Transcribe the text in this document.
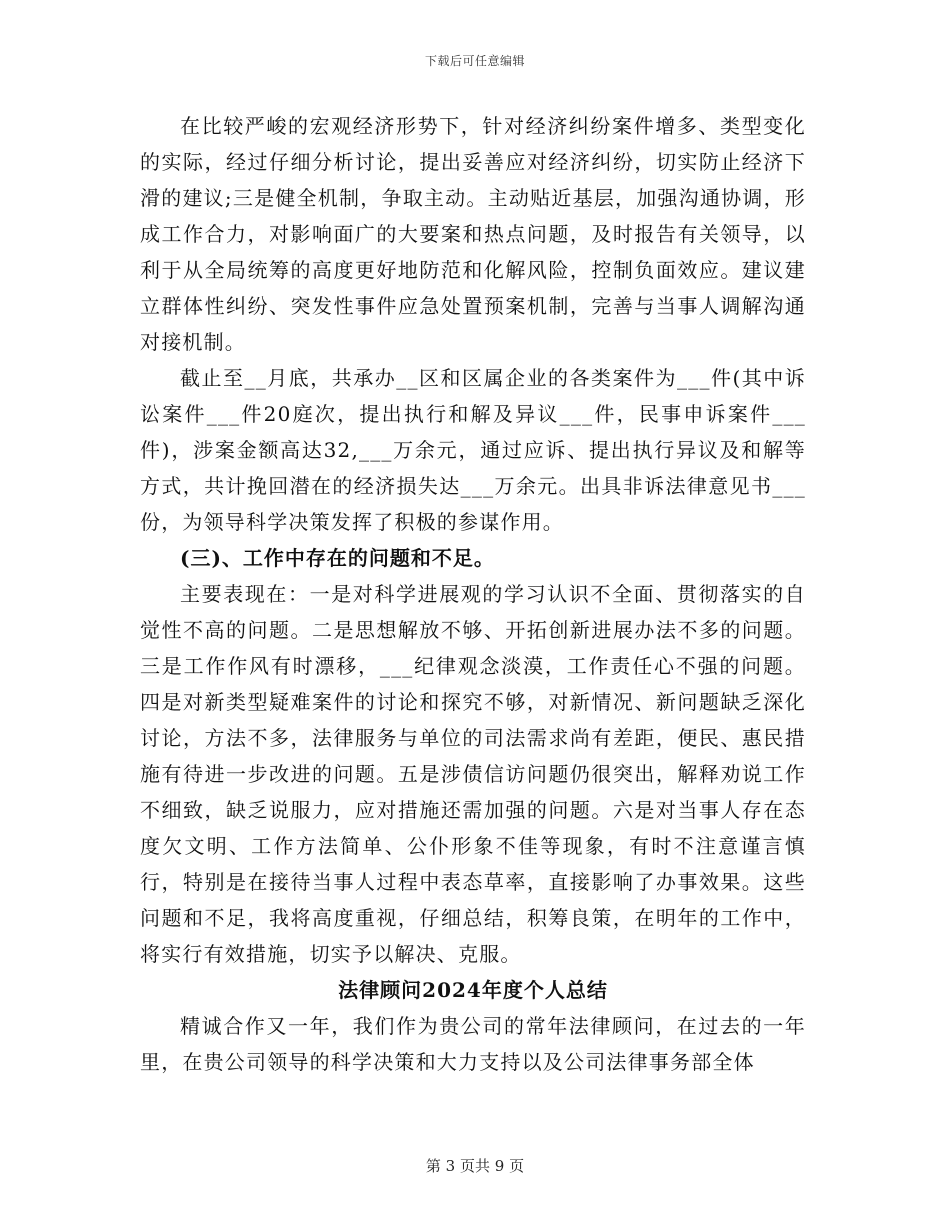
下载后可任意编辑

在比较严峻的宏观经济形势下，针对经济纠纷案件增多、类型变化的实际，经过仔细分析讨论，提出妥善应对经济纠纷，切实防止经济下滑的建议;三是健全机制，争取主动。主动贴近基层，加强沟通协调，形成工作合力，对影响面广的大要案和热点问题，及时报告有关领导，以利于从全局统筹的高度更好地防范和化解风险，控制负面效应。建议建立群体性纠纷、突发性事件应急处置预案机制，完善与当事人调解沟通对接机制。

截止至__月底，共承办__区和区属企业的各类案件为___件(其中诉讼案件___件20庭次，提出执行和解及异议___件，民事申诉案件___件)，涉案金额高达32,___万余元，通过应诉、提出执行异议及和解等方式，共计挽回潜在的经济损失达___万余元。出具非诉法律意见书___份，为领导科学决策发挥了积极的参谋作用。

(三)、工作中存在的问题和不足。

主要表现在：一是对科学进展观的学习认识不全面、贯彻落实的自觉性不高的问题。二是思想解放不够、开拓创新进展办法不多的问题。三是工作作风有时漂移，___纪律观念淡漠，工作责任心不强的问题。四是对新类型疑难案件的讨论和探究不够，对新情况、新问题缺乏深化讨论，方法不多，法律服务与单位的司法需求尚有差距，便民、惠民措施有待进一步改进的问题。五是涉债信访问题仍很突出，解释劝说工作不细致，缺乏说服力，应对措施还需加强的问题。六是对当事人存在态度欠文明、工作方法简单、公仆形象不佳等现象，有时不注意谨言慎行，特别是在接待当事人过程中表态草率，直接影响了办事效果。这些问题和不足，我将高度重视，仔细总结，积筹良策，在明年的工作中，将实行有效措施，切实予以解决、克服。

法律顾问2024年度个人总结

精诚合作又一年，我们作为贵公司的常年法律顾问，在过去的一年里，在贵公司领导的科学决策和大力支持以及公司法律事务部全体

第 3 页共 9 页
